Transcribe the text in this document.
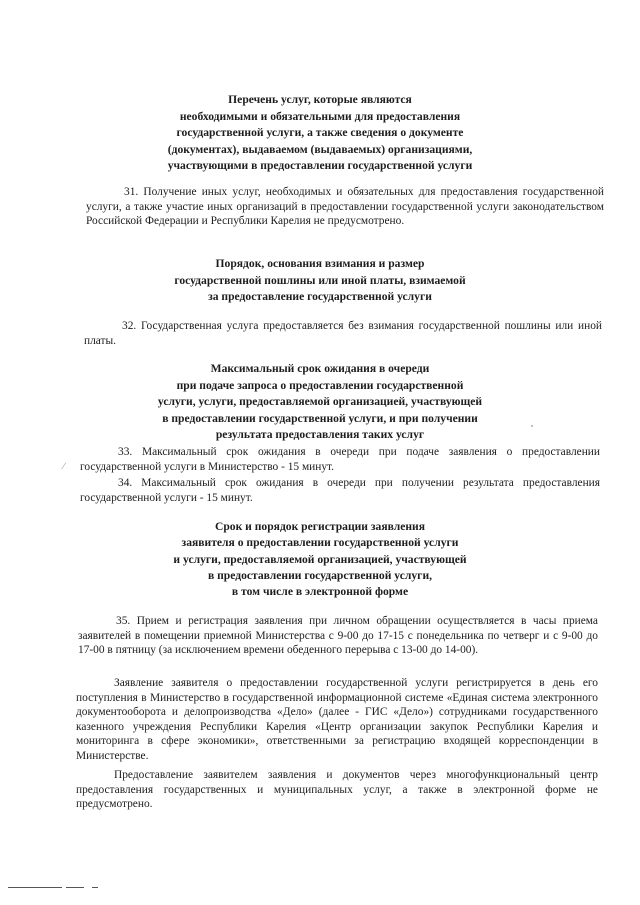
Перечень услуг, которые являются
необходимыми и обязательными для предоставления
государственной услуги, а также сведения о документе
(документах), выдаваемом (выдаваемых) организациями,
участвующими в предоставлении государственной услуги

31. Получение иных услуг, необходимых и обязательных для предоставления государственной услуги, а также участие иных организаций в предоставлении государственной услуги законодательством Российской Федерации и Республики Карелия не предусмотрено.

Порядок, основания взимания и размер
государственной пошлины или иной платы, взимаемой
за предоставление государственной услуги

32. Государственная услуга предоставляется без взимания государственной пошлины или иной платы.

Максимальный срок ожидания в очереди
при подаче запроса о предоставлении государственной
услуги, услуги, предоставляемой организацией, участвующей
в предоставлении государственной услуги, и при получении
результата предоставления таких услуг

33. Максимальный срок ожидания в очереди при подаче заявления о предоставлении государственной услуги в Министерство - 15 минут.

⁄

34. Максимальный срок ожидания в очереди при получении результата предоставления государственной услуги - 15 минут.

Срок и порядок регистрации заявления
заявителя о предоставлении государственной услуги
и услуги, предоставляемой организацией, участвующей
в предоставлении государственной услуги,
в том числе в электронной форме

35. Прием и регистрация заявления при личном обращении осуществляется в часы приема заявителей в помещении приемной Министерства с 9-00 до 17-15 с понедельника по четверг и с 9-00 до 17-00 в пятницу (за исключением времени обеденного перерыва с 13-00 до 14-00).

Заявление заявителя о предоставлении государственной услуги регистрируется в день его поступления в Министерство в государственной информационной системе «Единая система электронного документооборота и делопроизводства «Дело» (далее - ГИС «Дело») сотрудниками государственного казенного учреждения Республики Карелия «Центр организации закупок Республики Карелия и мониторинга в сфере экономики», ответственными за регистрацию входящей корреспонденции в Министерстве.

Предоставление заявителем заявления и документов через многофункциональный центр предоставления государственных и муниципальных услуг, а также в электронной форме не предусмотрено.
